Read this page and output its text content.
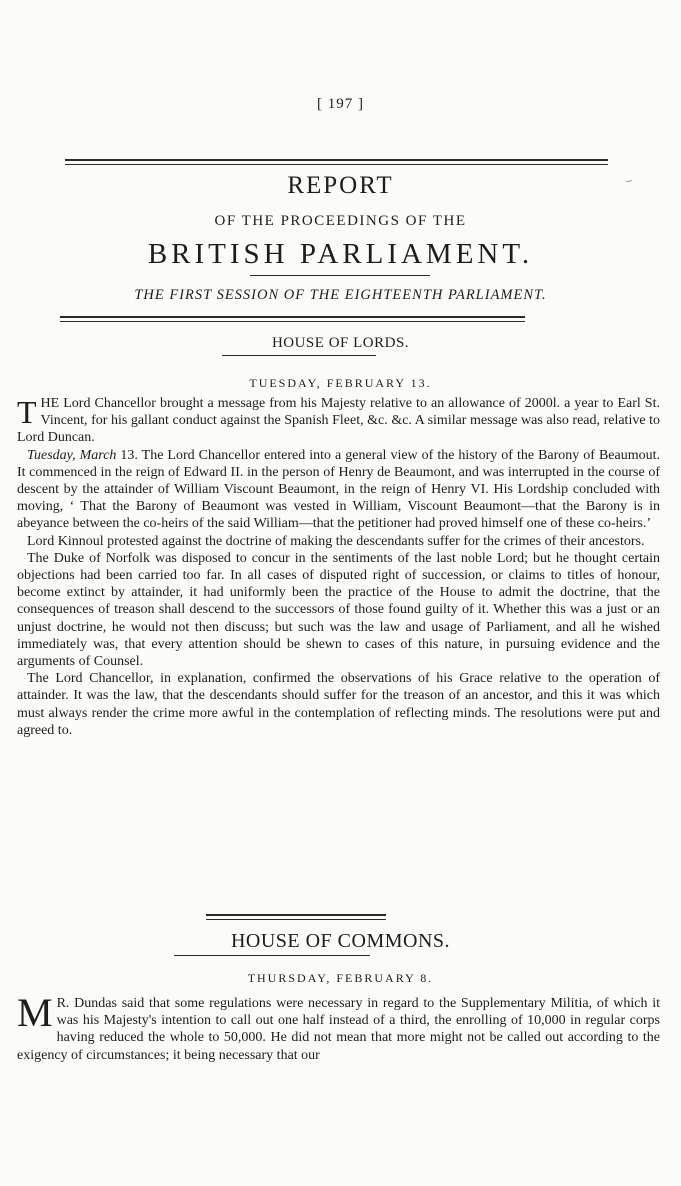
[ 197 ]
‾
REPORT
OF THE PROCEEDINGS OF THE
BRITISH PARLIAMENT.
THE FIRST SESSION OF THE EIGHTEENTH PARLIAMENT.
HOUSE OF LORDS.
TUESDAY, FEBRUARY 13.

THE Lord Chancellor brought a message from his Majesty relative to an allowance of 2000l. a year to Earl St. Vincent, for his gallant conduct against the Spanish Fleet, &c. &c. A similar message was also read, relative to Lord Duncan.

Tuesday, March 13. The Lord Chancellor entered into a general view of the history of the Barony of Beaumout. It commenced in the reign of Edward II. in the person of Henry de Beaumont, and was interrupted in the course of descent by the attainder of William Viscount Beaumont, in the reign of Henry VI. His Lordship concluded with moving, ‘ That the Barony of Beaumont was vested in William, Viscount Beaumont—that the Barony is in abeyance between the co-heirs of the said William—that the petitioner had proved himself one of these co-heirs.’

Lord Kinnoul protested against the doctrine of making the descendants suffer for the crimes of their ancestors.

The Duke of Norfolk was disposed to concur in the sentiments of the last noble Lord; but he thought certain objections had been carried too far. In all cases of disputed right of succession, or claims to titles of honour, become extinct by attainder, it had uniformly been the practice of the House to admit the doctrine, that the consequences of treason shall descend to the successors of those found guilty of it. Whether this was a just or an unjust doctrine, he would not then discuss; but such was the law and usage of Parliament, and all he wished immediately was, that every attention should be shewn to cases of this nature, in pursuing evidence and the arguments of Counsel.

The Lord Chancellor, in explanation, confirmed the observations of his Grace relative to the operation of attainder. It was the law, that the descendants should suffer for the treason of an ancestor, and this it was which must always render the crime more awful in the contemplation of reflecting minds. The resolutions were put and agreed to.

HOUSE OF COMMONS.
THURSDAY, FEBRUARY 8.

M R. Dundas said that some regulations were necessary in regard to the Supplementary Militia, of which it was his Majesty's intention to call out one half instead of a third, the enrolling of 10,000 in regular corps having reduced the whole to 50,000. He did not mean that more might not be called out according to the exigency of circumstances; it being necessary that our
